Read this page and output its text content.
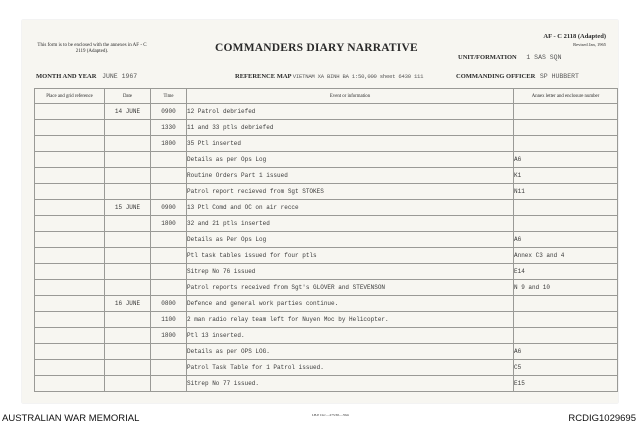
This form is to be enclosed with the annexes in AF - C 2119 (Adapted).	COMMANDERS DIARY NARRATIVE
AF - C 2118 (Adapted)
Revised Jan, 1965
UNIT/FORMATION 1 SAS SQN
MONTH AND YEAR JUNE 1967	REFERENCE MAP VIETNAM XA BINH BA 1:50,000 sheet 6430 111	COMMANDING OFFICER SP HUBBERT
Place and grid reference	Date	Time	Event or information	Annex letter and enclosure number
	14 JUNE	0900	12 Patrol debriefed	
		1330	11 and 33 ptls debriefed	
		1800	35 Ptl inserted	
			Details as per Ops Log	A6
			Routine Orders Part 1 issued	K1
			Patrol report recieved from Sgt STOKES	N11
	15 JUNE	0900	13 Ptl Comd and OC on air recce	
		1800	32 and 21 ptls inserted	
			Details as Per Ops Log	A6
			Ptl task tables issued for four ptls	Annex C3 and 4
			Sitrep No 76 issued	E14
			Patrol reports received from Sgt's GLOVER and STEVENSON	N 9 and 10
	16 JUNE	0800	Defence and general work parties continue.	
		1100	2 man radio relay team left for Nuyen Moc by Helicopter.	
		1800	Ptl 13 inserted.	
			Details as per OPS LOG.	A6
			Patrol Task Table for 1 Patrol issued.	C5
			Sitrep No 77 issued.	E15
I.B.P Circ—275/65—35m
AUSTRALIAN WAR MEMORIAL	RCDIG1029695
